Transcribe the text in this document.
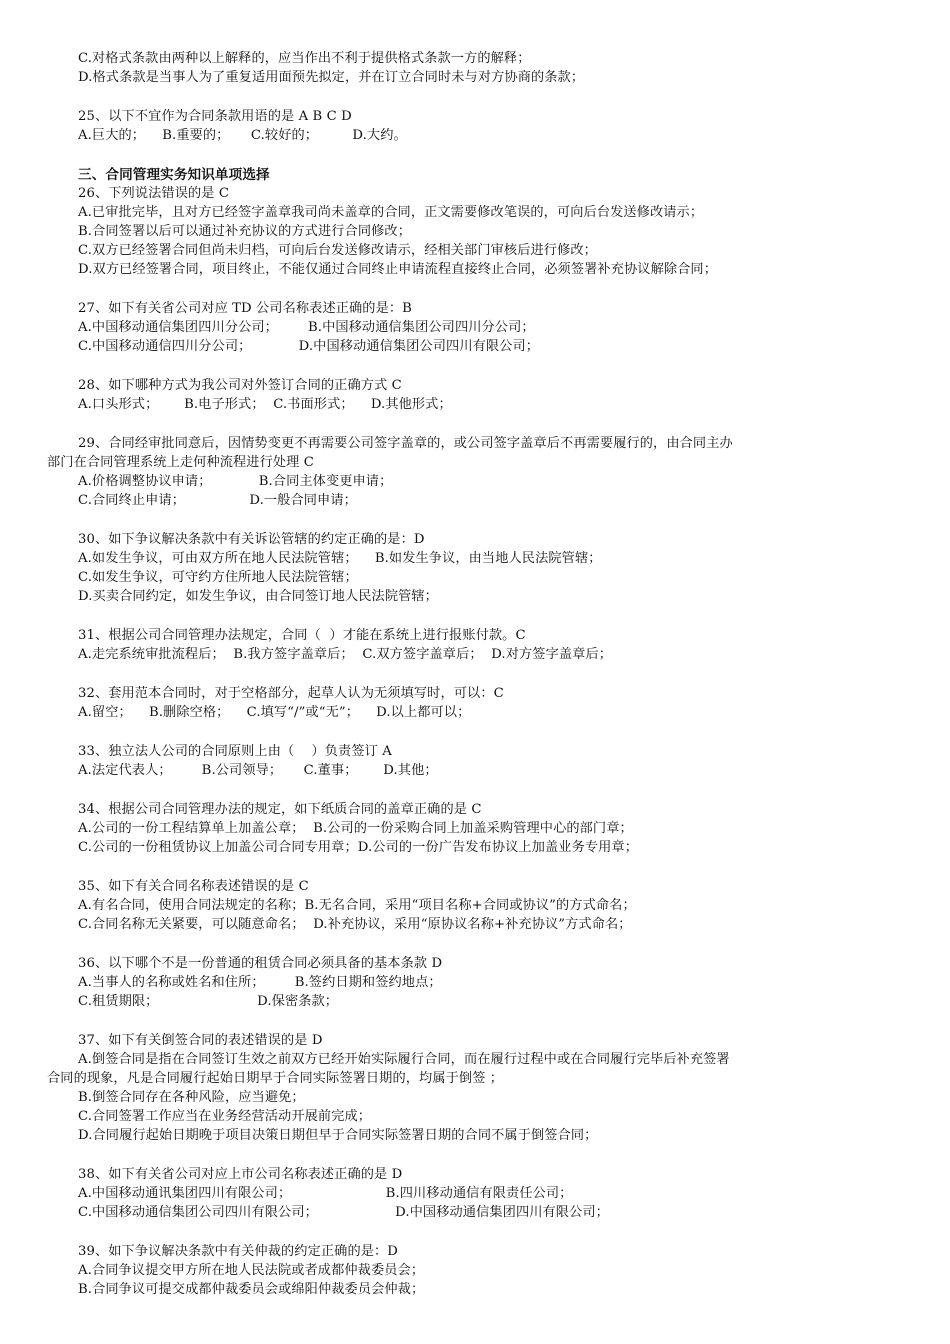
C.对格式条款由两种以上解释的，应当作出不利于提供格式条款一方的解释；
D.格式条款是当事人为了重复适用面预先拟定，并在订立合同时未与对方协商的条款；
25、以下不宜作为合同条款用语的是 A B C D
A.巨大的；    B.重要的；     C.较好的；        D.大约。
三、合同管理实务知识单项选择
26、下列说法错误的是 C
A.已审批完毕，且对方已经签字盖章我司尚未盖章的合同，正文需要修改笔误的，可向后台发送修改请示；
B.合同签署以后可以通过补充协议的方式进行合同修改；
C.双方已经签署合同但尚未归档，可向后台发送修改请示，经相关部门审核后进行修改；
D.双方已经签署合同，项目终止，不能仅通过合同终止申请流程直接终止合同，必须签署补充协议解除合同；
27、如下有关省公司对应 TD 公司名称表述正确的是：B
A.中国移动通信集团四川分公司；       B.中国移动通信集团公司四川分公司；
C.中国移动通信四川分公司；           D.中国移动通信集团公司四川有限公司；
28、如下哪种方式为我公司对外签订合同的正确方式 C
A.口头形式；      B.电子形式；  C.书面形式；    D.其他形式；
29、合同经审批同意后，因情势变更不再需要公司签字盖章的，或公司签字盖章后不再需要履行的，由合同主办
部门在合同管理系统上走何种流程进行处理 C
A.价格调整协议申请；           B.合同主体变更申请；
C.合同终止申请；               D.一般合同申请；
30、如下争议解决条款中有关诉讼管辖的约定正确的是：D
A.如发生争议，可由双方所在地人民法院管辖；    B.如发生争议，由当地人民法院管辖；
C.如发生争议，可守约方住所地人民法院管辖；
D.买卖合同约定，如发生争议，由合同签订地人民法院管辖；
31、根据公司合同管理办法规定，合同（  ）才能在系统上进行报账付款。C
A.走完系统审批流程后；  B.我方签字盖章后；  C.双方签字盖章后；  D.对方签字盖章后；
32、套用范本合同时，对于空格部分，起草人认为无须填写时，可以：C
A.留空；    B.删除空格；    C.填写“/”或“无”；    D.以上都可以；
33、独立法人公司的合同原则上由（    ）负责签订 A
A.法定代表人；       B.公司领导；     C.董事；      D.其他；
34、根据公司合同管理办法的规定，如下纸质合同的盖章正确的是 C
A.公司的一份工程结算单上加盖公章；  B.公司的一份采购合同上加盖采购管理中心的部门章；
C.公司的一份租赁协议上加盖公司合同专用章；D.公司的一份广告发布协议上加盖业务专用章；
35、如下有关合同名称表述错误的是 C
A.有名合同，使用合同法规定的名称；B.无名合同，采用“项目名称+合同或协议”的方式命名；
C.合同名称无关紧要，可以随意命名；  D.补充协议，采用“原协议名称+补充协议”方式命名；
36、以下哪个不是一份普通的租赁合同必须具备的基本条款 D
A.当事人的名称或姓名和住所；       B.签约日期和签约地点；
C.租赁期限；                       D.保密条款；
37、如下有关倒签合同的表述错误的是 D
A.倒签合同是指在合同签订生效之前双方已经开始实际履行合同，而在履行过程中或在合同履行完毕后补充签署
合同的现象，凡是合同履行起始日期早于合同实际签署日期的，均属于倒签 ；
B.倒签合同存在各种风险，应当避免；
C.合同签署工作应当在业务经营活动开展前完成；
D.合同履行起始日期晚于项目决策日期但早于合同实际签署日期的合同不属于倒签合同；
38、如下有关省公司对应上市公司名称表述正确的是 D
A.中国移动通讯集团四川有限公司；                      B.四川移动通信有限责任公司；
C.中国移动通信集团公司四川有限公司；                  D.中国移动通信集团四川有限公司；
39、如下争议解决条款中有关仲裁的约定正确的是：D
A.合同争议提交甲方所在地人民法院或者成都仲裁委员会；
B.合同争议可提交成都仲裁委员会或绵阳仲裁委员会仲裁；
